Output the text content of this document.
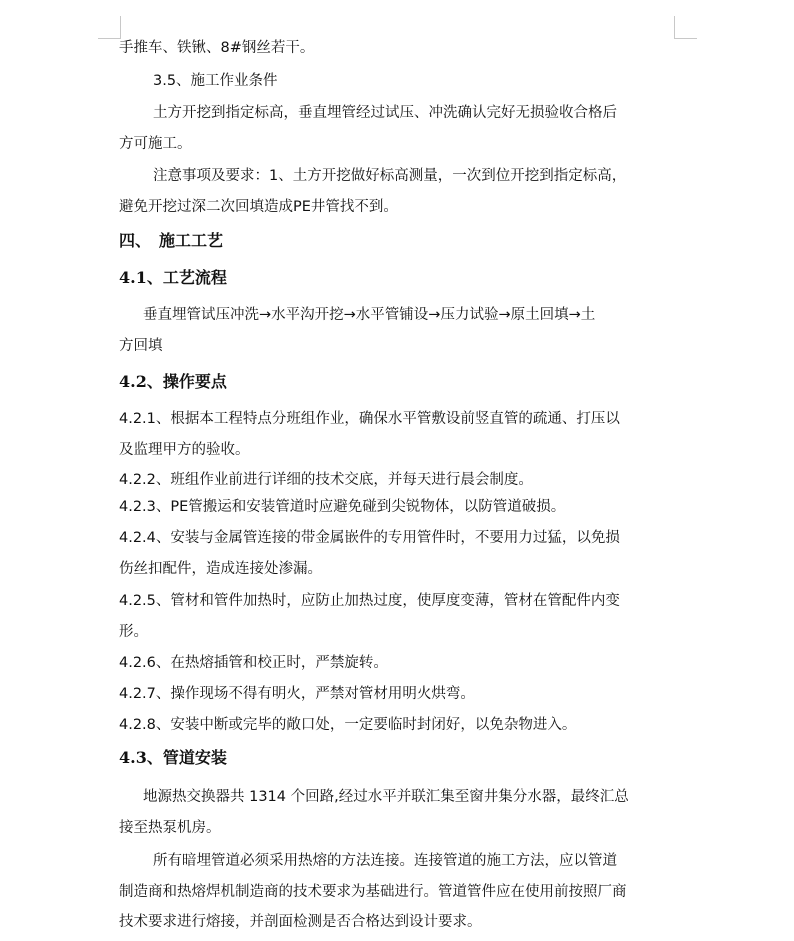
手推车、铁锹、8#钢丝若干。
3.5、施工作业条件
土方开挖到指定标高，垂直埋管经过试压、冲洗确认完好无损验收合格后
方可施工。
注意事项及要求：1、土方开挖做好标高测量，一次到位开挖到指定标高，
避免开挖过深二次回填造成PE井管找不到。
四、　施工工艺
4.1、工艺流程
垂直埋管试压冲洗→水平沟开挖→水平管铺设→压力试验→原土回填→土
方回填
4.2、操作要点
4.2.1、根据本工程特点分班组作业，确保水平管敷设前竖直管的疏通、打压以
及监理甲方的验收。
4.2.2、班组作业前进行详细的技术交底，并每天进行晨会制度。
4.2.3、PE管搬运和安装管道时应避免碰到尖锐物体，以防管道破损。
4.2.4、安装与金属管连接的带金属嵌件的专用管件时，不要用力过猛，以免损
伤丝扣配件，造成连接处渗漏。
4.2.5、管材和管件加热时，应防止加热过度，使厚度变薄，管材在管配件内变
形。
4.2.6、在热熔插管和校正时，严禁旋转。
4.2.7、操作现场不得有明火，严禁对管材用明火烘弯。
4.2.8、安装中断或完毕的敞口处，一定要临时封闭好，以免杂物进入。
4.3、管道安装
地源热交换器共 1314 个回路,经过水平并联汇集至窗井集分水器，最终汇总
接至热泵机房。
所有暗埋管道必须采用热熔的方法连接。连接管道的施工方法，应以管道
制造商和热熔焊机制造商的技术要求为基础进行。管道管件应在使用前按照厂商
技术要求进行熔接，并剖面检测是否合格达到设计要求。
